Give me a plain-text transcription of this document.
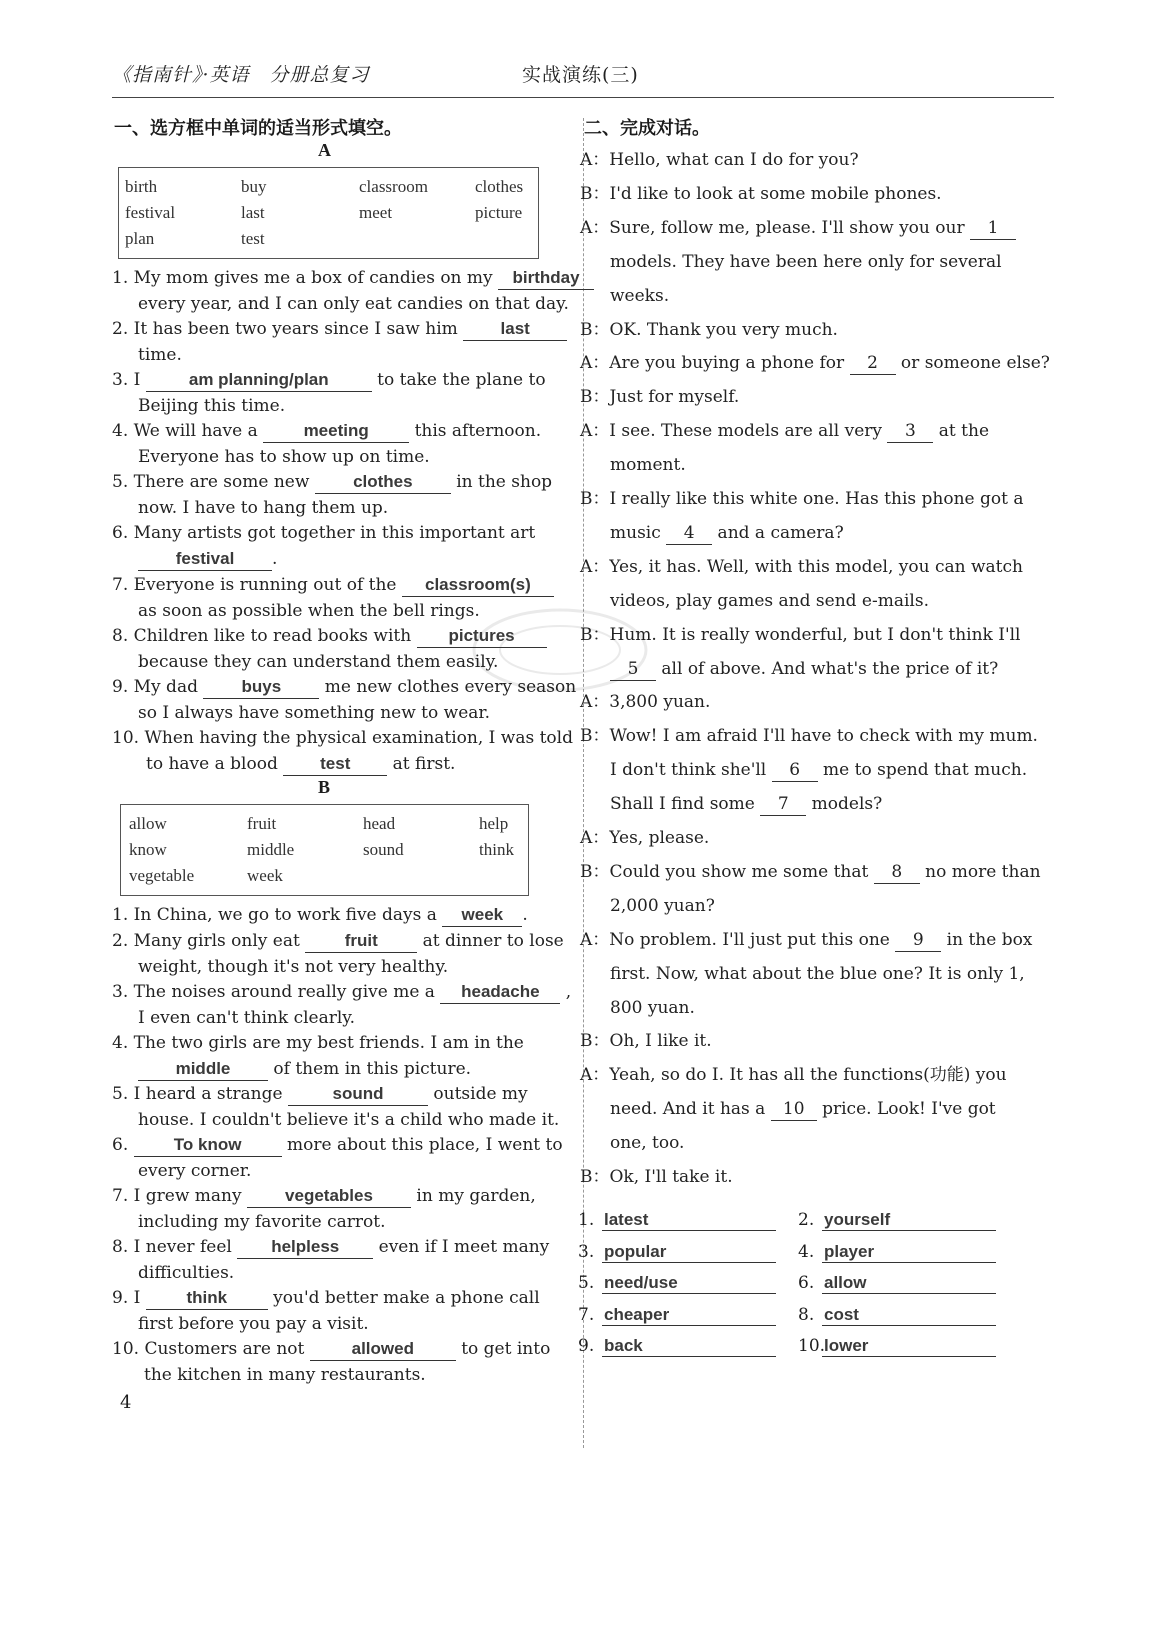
《指南针》·英语　分册总复习	实战演练(三)
一、选方框中单词的适当形式填空。
A
birth	buy	classroom	clothes
festival	last	meet	picture
plan	test
1. My mom gives me a box of candies on my birthday
every year, and I can only eat candies on that day.
2. It has been two years since I saw him	last
time.
3. I	am planning/plan	to take the plane to
Beijing this time.
4. We will have a	meeting	this afternoon.
Everyone has to show up on time.
5. There are some new	clothes	in the shop
now. I have to hang them up.
6. Many artists got together in this important art
festival .
7. Everyone is running out of the classroom(s)
as soon as possible when the bell rings.
8. Children like to read books with pictures
because they can understand them easily.
9. My dad	buys	me new clothes every season
so I always have something new to wear.
10. When having the physical examination, I was told
to have a blood test at first.
B
allow	fruit	head	help
know	middle	sound	think
vegetable	week
1. In China, we go to work five days a week .
2. Many girls only eat	fruit	at dinner to lose
weight, though it's not very healthy.
3. The noises around really give me a headache ,
I even can't think clearly.
4. The two girls are my best friends. I am in the
middle	of them in this picture.
5. I heard a strange	sound	outside my
house. I couldn't believe it's a child who made it.
6.	To know	more about this place, I went to
every corner.
7. I grew many	vegetables	in my garden,
including my favorite carrot.
8. I never feel helpless even if I meet many
difficulties.
9. I	think	you'd better make a phone call
first before you pay a visit.
10. Customers are not	allowed	to get into
the kitchen in many restaurants.
4
二、完成对话。
A：Hello, what can I do for you?
B：I'd like to look at some mobile phones.
A：Sure, follow me, please. I'll show you our 1
models. They have been here only for several
weeks.
B：OK. Thank you very much.
A：Are you buying a phone for 2 or someone else?
B：Just for myself.
A：I see. These models are all very 3 at the
moment.
B：I really like this white one. Has this phone got a
music 4 and a camera?
A：Yes, it has. Well, with this model, you can watch
videos, play games and send e-mails.
B：Hum. It is really wonderful, but I don't think I'll
5 all of above. And what's the price of it?
A：3,800 yuan.
B：Wow! I am afraid I'll have to check with my mum.
I don't think she'll 6 me to spend that much.
Shall I find some 7 models?
A：Yes, please.
B：Could you show me some that 8 no more than
2,000 yuan?
A：No problem. I'll just put this one 9 in the box
first. Now, what about the blue one? It is only 1,
800 yuan.
B：Oh, I like it.
A：Yeah, so do I. It has all the functions(功能) you
need. And it has a 10 price. Look! I've got
one, too.
B：Ok, I'll take it.
1. latest	2. yourself
3. popular	4. player
5. need/use	6. allow
7. cheaper	8. cost
9. back	10.lower
